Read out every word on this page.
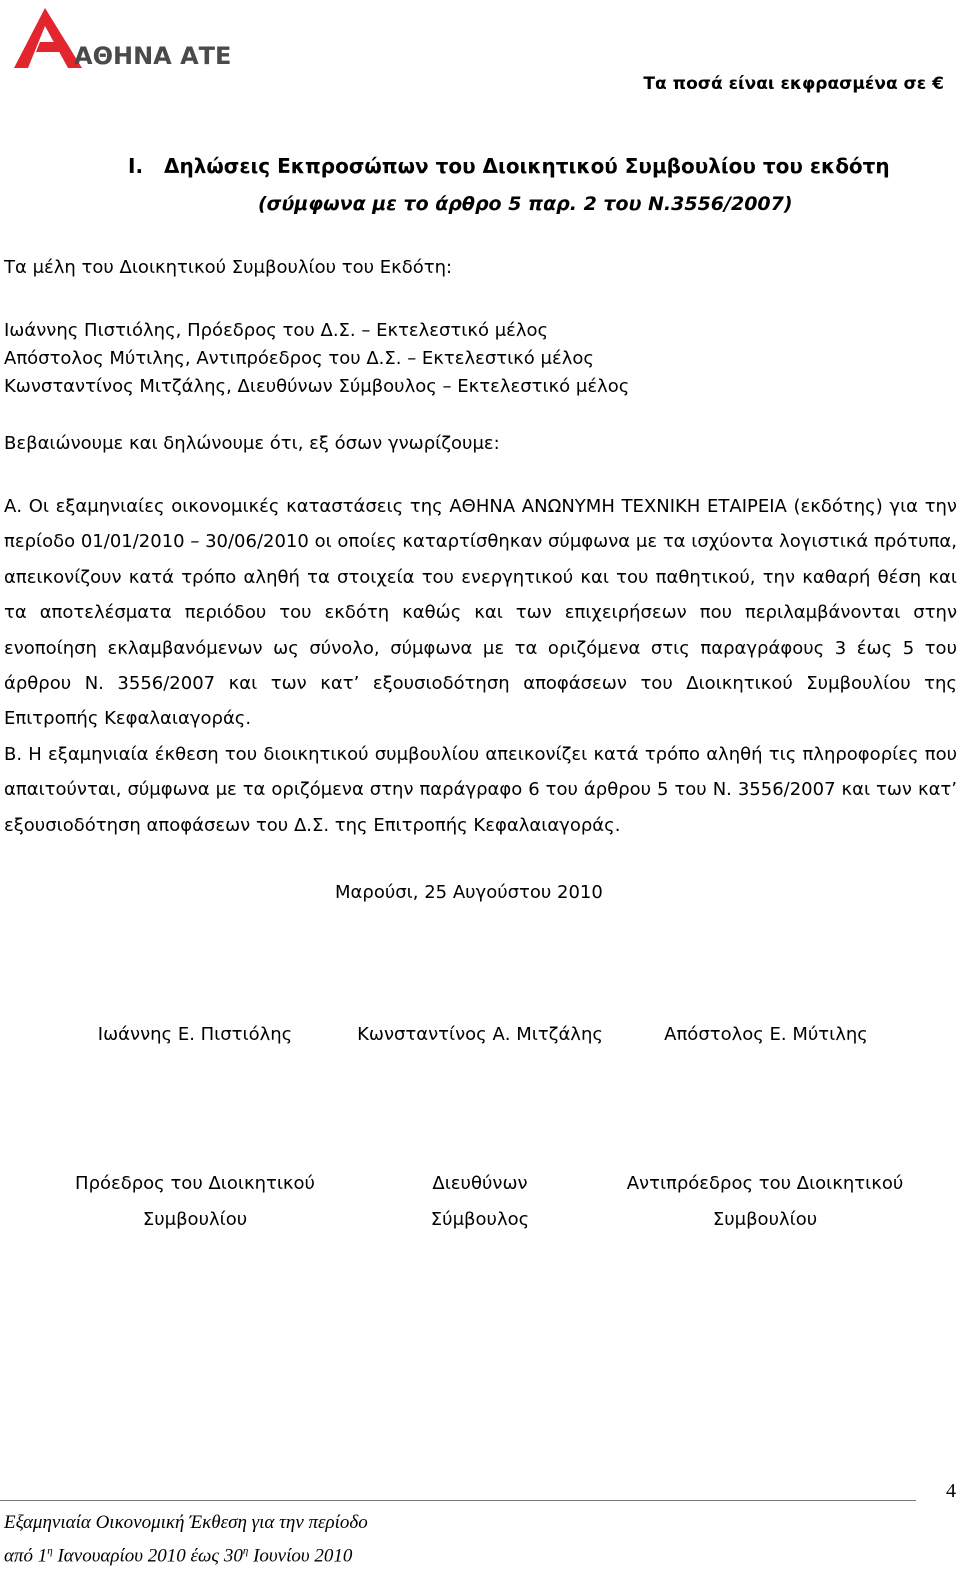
ΑΘΗΝΑ ΑΤΕ
Τα ποσά είναι εκφρασμένα σε €
Ι. Δηλώσεις Εκπροσώπων του Διοικητικού Συμβουλίου του εκδότη
(σύμφωνα με το άρθρο 5 παρ. 2 του Ν.3556/2007)
Τα μέλη του Διοικητικού Συμβουλίου του Εκδότη:
Ιωάννης Πιστιόλης, Πρόεδρος του Δ.Σ. – Εκτελεστικό μέλος
Απόστολος Μύτιλης, Αντιπρόεδρος του Δ.Σ. – Εκτελεστικό μέλος
Κωνσταντίνος Μιτζάλης, Διευθύνων Σύμβουλος – Εκτελεστικό μέλος
Βεβαιώνουμε και δηλώνουμε ότι, εξ όσων γνωρίζουμε:

Α. Οι εξαμηνιαίες οικονομικές καταστάσεις της ΑΘΗΝΑ ΑΝΩΝΥΜΗ ΤΕΧΝΙΚΗ ΕΤΑΙΡΕΙΑ (εκδότης) για την περίοδο 01/01/2010 – 30/06/2010 οι οποίες καταρτίσθηκαν σύμφωνα με τα ισχύοντα λογιστικά πρότυπα, απεικονίζουν κατά τρόπο αληθή τα στοιχεία του ενεργητικού και του παθητικού, την καθαρή θέση και τα αποτελέσματα περιόδου του εκδότη καθώς και των επιχειρήσεων που περιλαμβάνονται στην ενοποίηση εκλαμβανόμενων ως σύνολο, σύμφωνα με τα οριζόμενα στις παραγράφους 3 έως 5 του άρθρου Ν. 3556/2007 και των κατ’ εξουσιοδότηση αποφάσεων του Διοικητικού Συμβουλίου της Επιτροπής Κεφαλαιαγοράς.

Β. Η εξαμηνιαία έκθεση του διοικητικού συμβουλίου απεικονίζει κατά τρόπο αληθή τις πληροφορίες που απαιτούνται, σύμφωνα με τα οριζόμενα στην παράγραφο 6 του άρθρου 5 του Ν. 3556/2007 και των κατ’ εξουσιοδότηση αποφάσεων του Δ.Σ. της Επιτροπής Κεφαλαιαγοράς.

Μαρούσι, 25 Αυγούστου 2010
Ιωάννης Ε. Πιστιόλης	Κωνσταντίνος Α. Μιτζάλης	Απόστολος Ε. Μύτιλης
Πρόεδρος του Διοικητικού
Συμβουλίου
Διευθύνων
Σύμβουλος
Αντιπρόεδρος του Διοικητικού
Συμβουλίου
4
Εξαμηνιαία Οικονομική Έκθεση για την περίοδο
από $1^\eta$ Ιανουαρίου 2010 έως $30^\eta$ Ιουνίου 2010
